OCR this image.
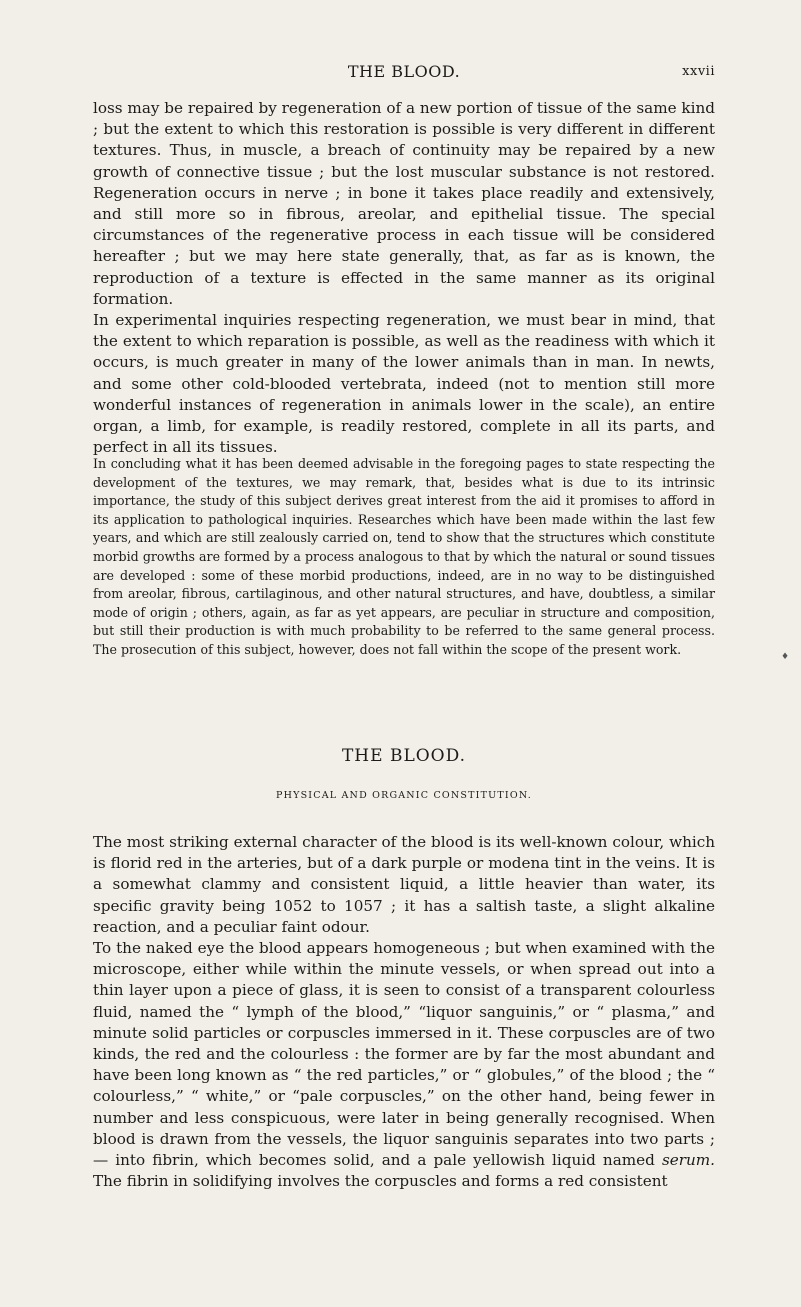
THE BLOOD.	xxvii

loss may be repaired by regeneration of a new portion of tissue of the same kind ; but the extent to which this restoration is possible is very different in different textures. Thus, in muscle, a breach of continuity may be repaired by a new growth of connective tissue ; but the lost muscular substance is not restored. Regeneration occurs in nerve ; in bone it takes place readily and extensively, and still more so in fibrous, areolar, and epithelial tissue. The special circumstances of the regenerative process in each tissue will be considered hereafter ; but we may here state generally, that, as far as is known, the reproduction of a texture is effected in the same manner as its original formation.

In experimental inquiries respecting regeneration, we must bear in mind, that the extent to which reparation is possible, as well as the readiness with which it occurs, is much greater in many of the lower animals than in man. In newts, and some other cold-blooded vertebrata, indeed (not to mention still more wonderful instances of regeneration in animals lower in the scale), an entire organ, a limb, for example, is readily restored, complete in all its parts, and perfect in all its tissues.

In concluding what it has been deemed advisable in the foregoing pages to state respecting the development of the textures, we may remark, that, besides what is due to its intrinsic importance, the study of this subject derives great interest from the aid it promises to afford in its application to pathological inquiries. Researches which have been made within the last few years, and which are still zealously carried on, tend to show that the structures which constitute morbid growths are formed by a process analogous to that by which the natural or sound tissues are developed : some of these morbid productions, indeed, are in no way to be distinguished from areolar, fibrous, cartilaginous, and other natural structures, and have, doubtless, a similar mode of origin ; others, again, as far as yet appears, are peculiar in structure and composition, but still their production is with much probability to be referred to the same general process. The prosecution of this subject, however, does not fall within the scope of the present work.

♦
THE BLOOD.
PHYSICAL AND ORGANIC CONSTITUTION.

The most striking external character of the blood is its well-known colour, which is florid red in the arteries, but of a dark purple or modena tint in the veins. It is a somewhat clammy and consistent liquid, a little heavier than water, its specific gravity being 1052 to 1057 ; it has a saltish taste, a slight alkaline reaction, and a peculiar faint odour.

To the naked eye the blood appears homogeneous ; but when examined with the microscope, either while within the minute vessels, or when spread out into a thin layer upon a piece of glass, it is seen to consist of a transparent colourless fluid, named the “ lymph of the blood,” “liquor sanguinis,” or “ plasma,” and minute solid particles or corpuscles immersed in it. These corpuscles are of two kinds, the red and the colourless : the former are by far the most abundant and have been long known as “ the red particles,” or “ globules,” of the blood ; the “ colourless,” “ white,” or “pale corpuscles,” on the other hand, being fewer in number and less conspicuous, were later in being generally recognised. When blood is drawn from the vessels, the liquor sanguinis separates into two parts ;— into fibrin, which becomes solid, and a pale yellowish liquid named serum. The fibrin in solidifying involves the corpuscles and forms a red consistent
